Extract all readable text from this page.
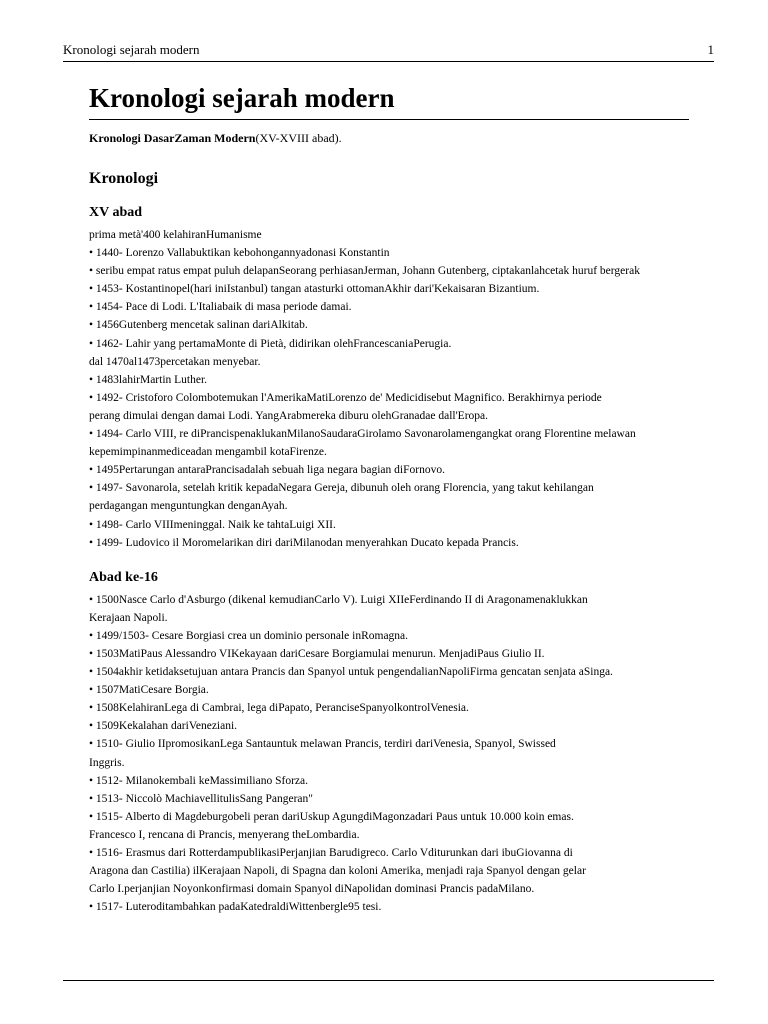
Kronologi sejarah modern	1
Kronologi sejarah modern
Kronologi DasarZaman Modern(XV-XVIII abad).
Kronologi
XV abad
prima metà'400 kelahiranHumanisme
• 1440- Lorenzo Vallabuktikan kebohongannyadonasi Konstantin
• seribu empat ratus empat puluh delapanSeorang perhiasanJerman, Johann Gutenberg, ciptakanlahcetak huruf bergerak
• 1453- Kostantinopel(hari iniIstanbul) tangan atasturki ottomanAkhir dari'Kekaisaran Bizantium.
• 1454- Pace di Lodi. L'Italiabaik di masa periode damai.
• 1456Gutenberg mencetak salinan dariAlkitab.
• 1462- Lahir yang pertamaMonte di Pietà, didirikan olehFrancescaniaPerugia.
dal 1470al1473percetakan menyebar.
• 1483lahirMartin Luther.
• 1492- Cristoforo Colombotemukan l'AmerikaMatiLorenzo de' Medicidisebut Magnifico. Berakhirnya periode
perang dimulai dengan damai Lodi. YangArabmereka diburu olehGranadae dall'Eropa.
• 1494- Carlo VIII, re diPrancispenaklukanMilanoSaudaraGirolamo Savonarolamengangkat orang Florentine melawan
kepemimpinanmediceadan mengambil kotaFirenze.
• 1495Pertarungan antaraPrancisadalah sebuah liga negara bagian diFornovo.
• 1497- Savonarola, setelah kritik kepadaNegara Gereja, dibunuh oleh orang Florencia, yang takut kehilangan
perdagangan menguntungkan denganAyah.
• 1498- Carlo VIIImeninggal. Naik ke tahtaLuigi XII.
• 1499- Ludovico il Moromelarikan diri dariMilanodan menyerahkan Ducato kepada Prancis.
Abad ke-16
• 1500Nasce Carlo d'Asburgo (dikenal kemudianCarlo V). Luigi XIIeFerdinando II di Aragonamenaklukkan
Kerajaan Napoli.
• 1499/1503- Cesare Borgiasi crea un dominio personale inRomagna.
• 1503MatiPaus Alessandro VIKekayaan dariCesare Borgiamulai menurun. MenjadiPaus Giulio II.
• 1504akhir ketidaksetujuan antara Prancis dan Spanyol untuk pengendalianNapoliFirma gencatan senjata aSinga.
• 1507MatiCesare Borgia.
• 1508KelahiranLega di Cambrai, lega diPapato, PerancisеSpanyolkontrolVenesia.
• 1509Kekalahan dariVeneziani.
• 1510- Giulio IIpromosikanLega Santauntuk melawan Prancis, terdiri dariVenesia, Spanyol, Swissed
Inggris.
• 1512- Milanokembali keMassimiliano Sforza.
• 1513- Niccolò MachiavellitulisSang Pangeran"
• 1515- Alberto di Magdeburgobeli peran dariUskup AgungdiMagonzadari Paus untuk 10.000 koin emas.
Francesco I, rencana di Prancis, menyerang theLombardia.
• 1516- Erasmus dari RotterdampublikasiPerjanjian Barudigreco. Carlo Vditurunkan dari ibuGiovanna di
Aragona dan Castilia) ilKerajaan Napoli, di Spagna dan koloni Amerika, menjadi raja Spanyol dengan gelar
Carlo I.perjanjian Noyonkonfirmasi domain Spanyol diNapolidan dominasi Prancis padaMilano.
• 1517- Luteroditambahkan padaKatedraldiWittenbergle95 tesi.
